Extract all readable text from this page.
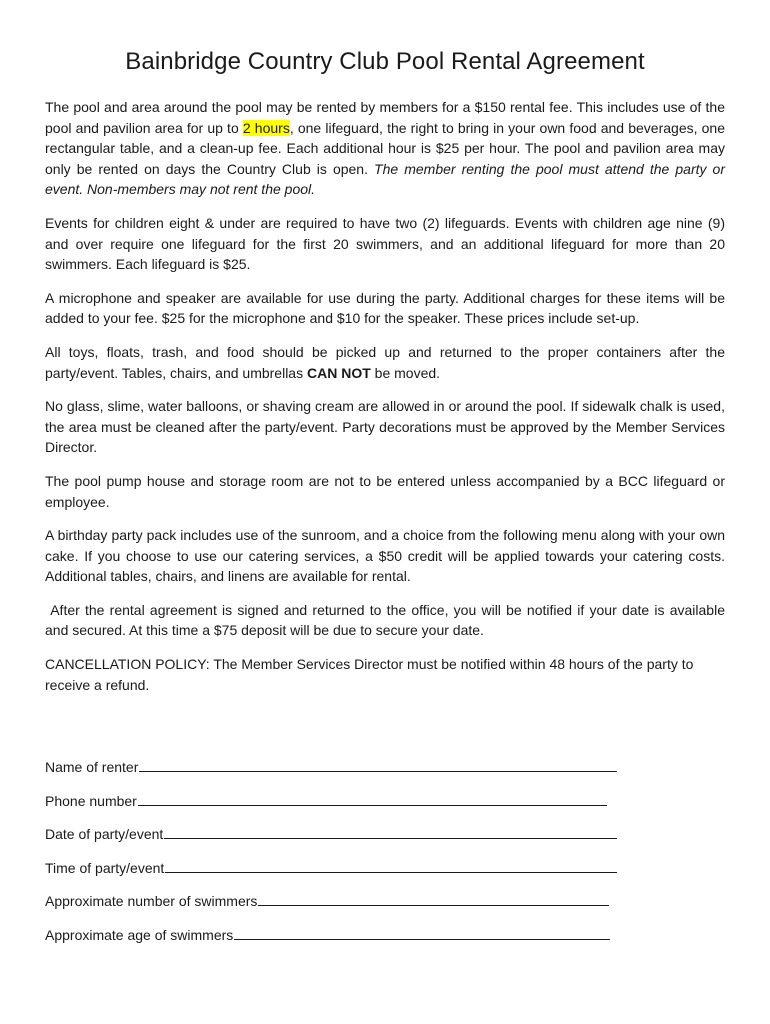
Bainbridge Country Club Pool Rental Agreement

The pool and area around the pool may be rented by members for a $150 rental fee. This includes use of the pool and pavilion area for up to 2 hours, one lifeguard, the right to bring in your own food and beverages, one rectangular table, and a clean-up fee. Each additional hour is $25 per hour. The pool and pavilion area may only be rented on days the Country Club is open. The member renting the pool must attend the party or event. Non-members may not rent the pool.

Events for children eight & under are required to have two (2) lifeguards. Events with children age nine (9) and over require one lifeguard for the first 20 swimmers, and an additional lifeguard for more than 20 swimmers. Each lifeguard is $25.

A microphone and speaker are available for use during the party. Additional charges for these items will be added to your fee. $25 for the microphone and $10 for the speaker. These prices include set-up.

All toys, floats, trash, and food should be picked up and returned to the proper containers after the party/event. Tables, chairs, and umbrellas CAN NOT be moved.

No glass, slime, water balloons, or shaving cream are allowed in or around the pool. If sidewalk chalk is used, the area must be cleaned after the party/event. Party decorations must be approved by the Member Services Director.

The pool pump house and storage room are not to be entered unless accompanied by a BCC lifeguard or employee.

A birthday party pack includes use of the sunroom, and a choice from the following menu along with your own cake. If you choose to use our catering services, a $50 credit will be applied towards your catering costs. Additional tables, chairs, and linens are available for rental.

After the rental agreement is signed and returned to the office, you will be notified if your date is available and secured. At this time a $75 deposit will be due to secure your date.

CANCELLATION POLICY: The Member Services Director must be notified within 48 hours of the party to receive a refund.

Name of renter
Phone number
Date of party/event
Time of party/event
Approximate number of swimmers
Approximate age of swimmers
